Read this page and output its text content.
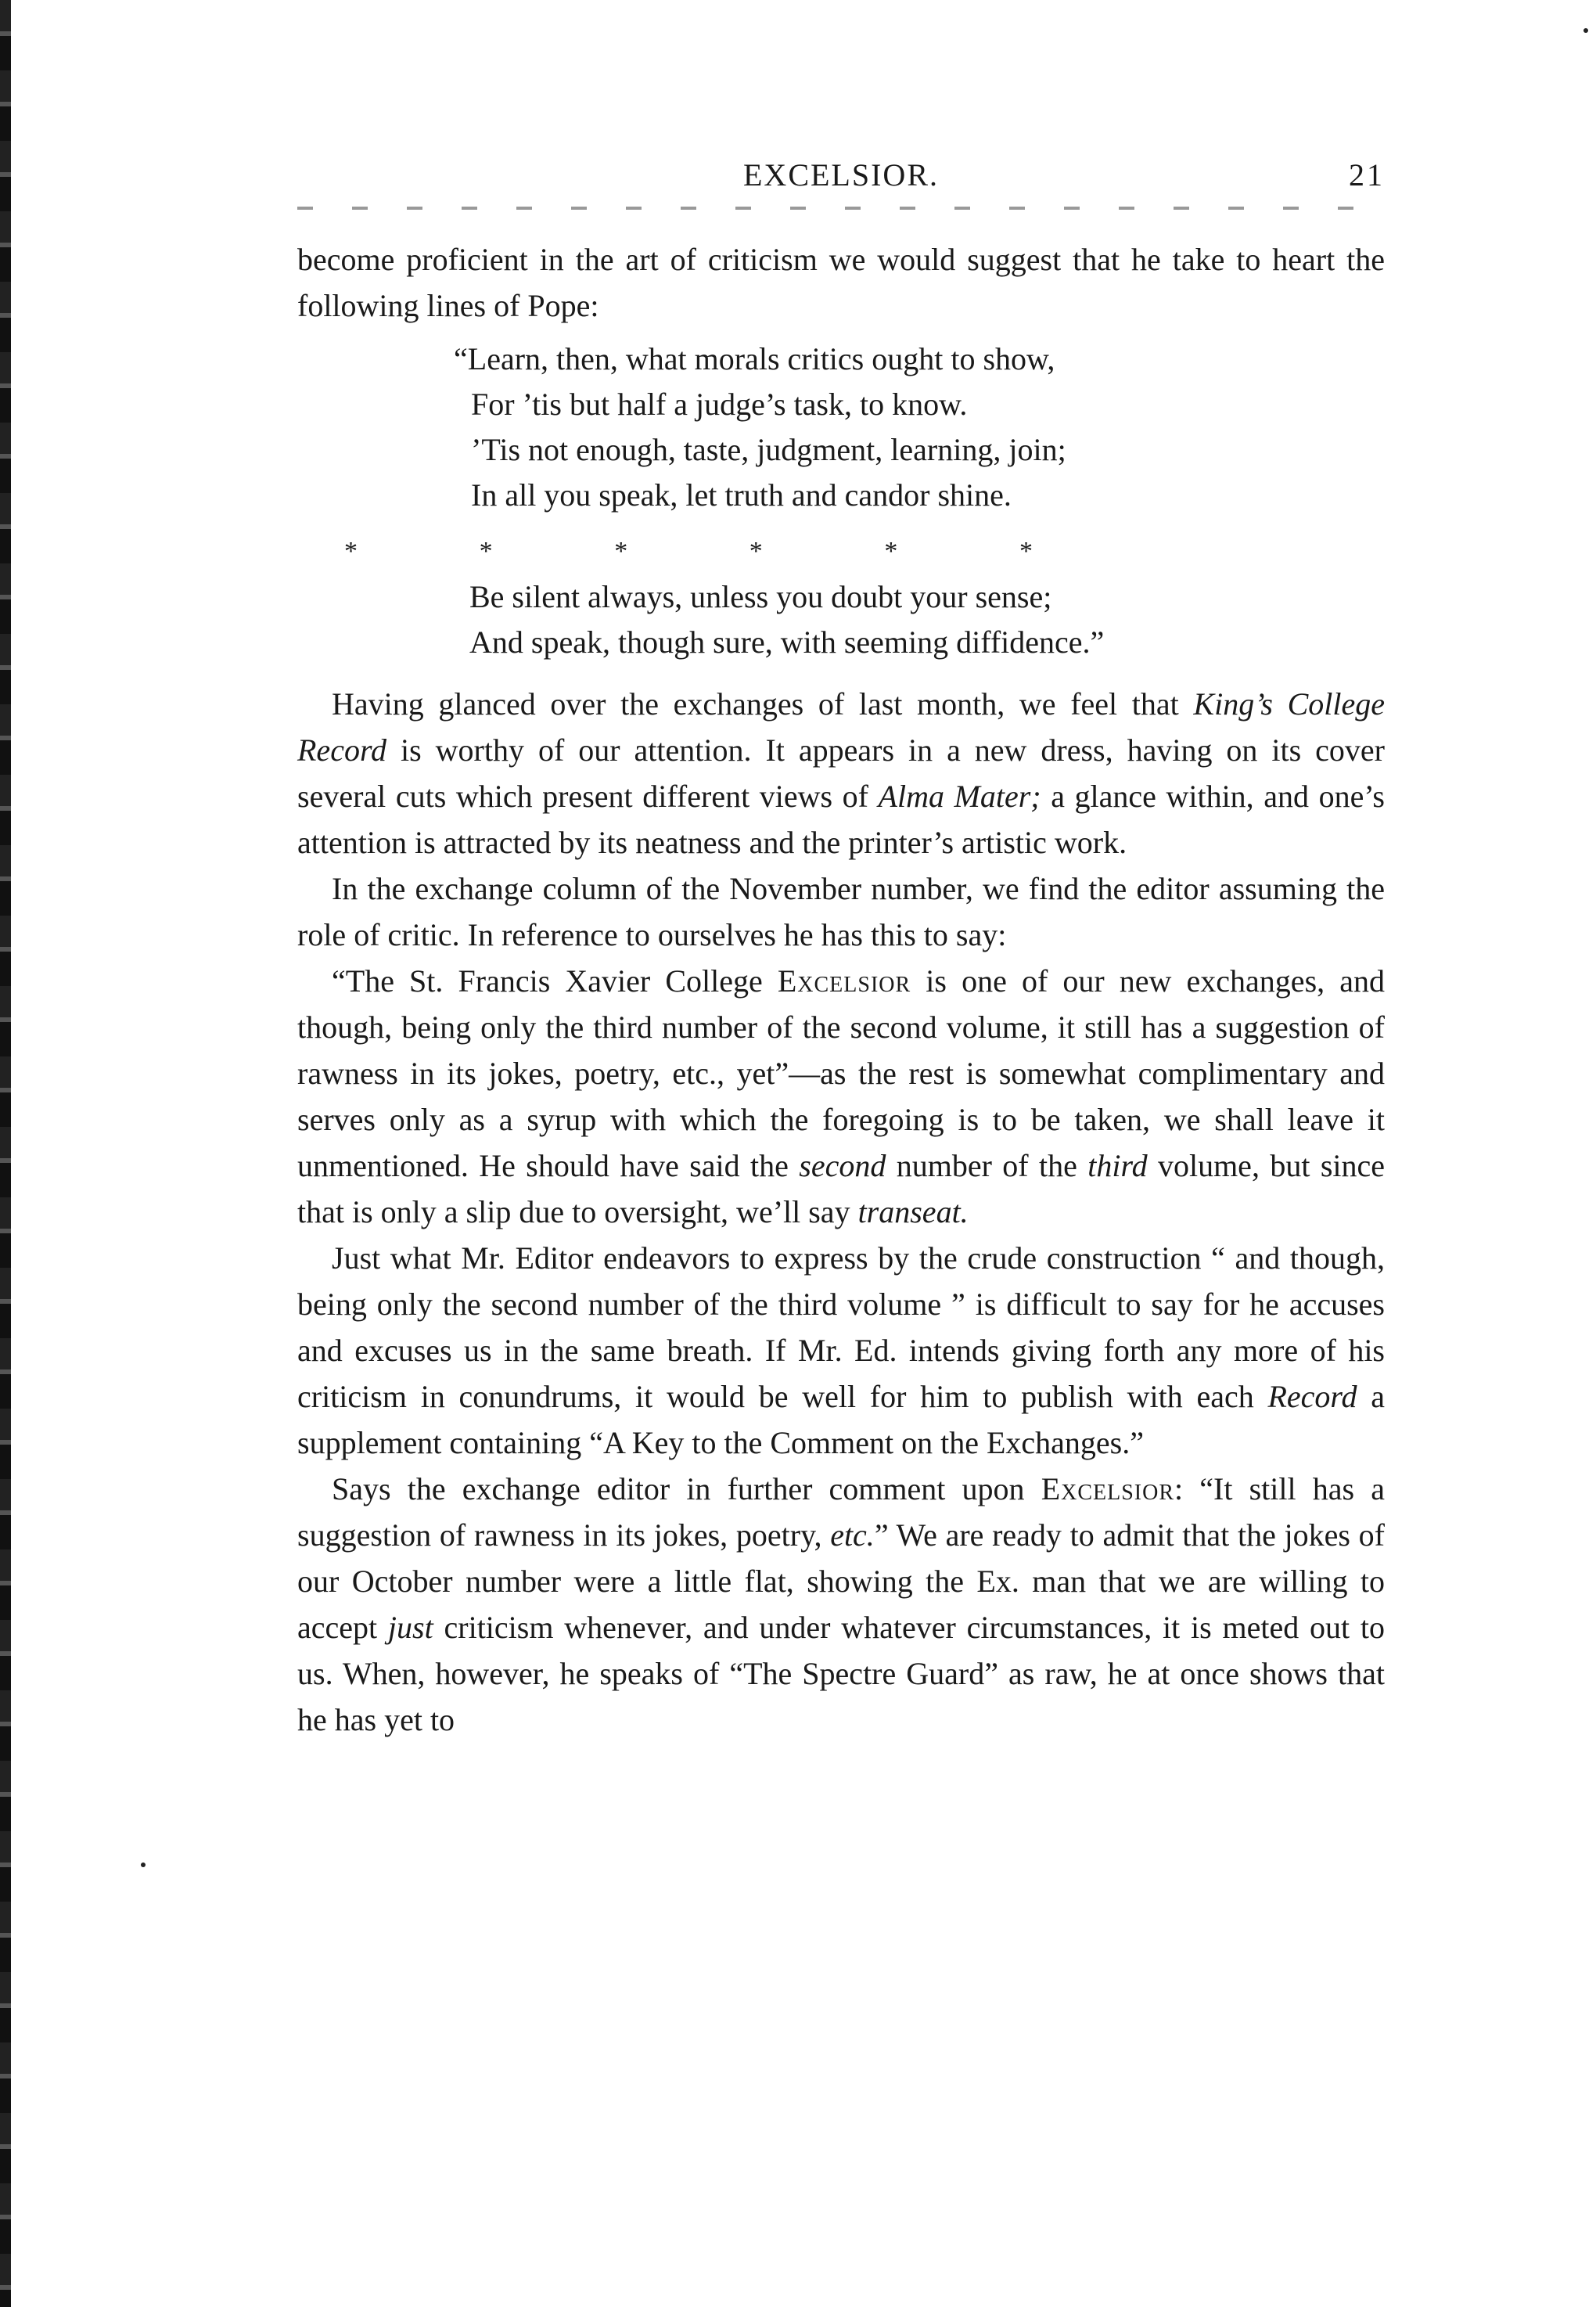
EXCELSIOR.	21

become proficient in the art of criticism we would suggest that he take to heart the following lines of Pope:

“Learn, then, what morals critics ought to show,
For ’tis but half a judge’s task, to know.
’Tis not enough, taste, judgment, learning, join;
In all you speak, let truth and candor shine.
*	*	*	*	*	*
Be silent always, unless you doubt your sense;
And speak, though sure, with seeming diffidence.”

Having glanced over the exchanges of last month, we feel that King’s College Record is worthy of our attention. It appears in a new dress, having on its cover several cuts which present different views of Alma Mater; a glance within, and one’s attention is attracted by its neatness and the printer’s artistic work.

In the exchange column of the November number, we find the editor assuming the role of critic. In reference to ourselves he has this to say:

“The St. Francis Xavier College Excelsior is one of our new exchanges, and though, being only the third number of the second volume, it still has a suggestion of rawness in its jokes, poetry, etc., yet”—as the rest is somewhat complimentary and serves only as a syrup with which the foregoing is to be taken, we shall leave it unmentioned. He should have said the second number of the third volume, but since that is only a slip due to oversight, we’ll say transeat.

Just what Mr. Editor endeavors to express by the crude construction “ and though, being only the second number of the third volume ” is difficult to say for he accuses and excuses us in the same breath. If Mr. Ed. intends giving forth any more of his criticism in conundrums, it would be well for him to publish with each Record a supplement containing “A Key to the Comment on the Exchanges.”

Says the exchange editor in further comment upon Excelsior: “It still has a suggestion of rawness in its jokes, poetry, etc.” We are ready to admit that the jokes of our October number were a little flat, showing the Ex. man that we are willing to accept just criticism whenever, and under whatever circumstances, it is meted out to us. When, however, he speaks of “The Spectre Guard” as raw, he at once shows that he has yet to
